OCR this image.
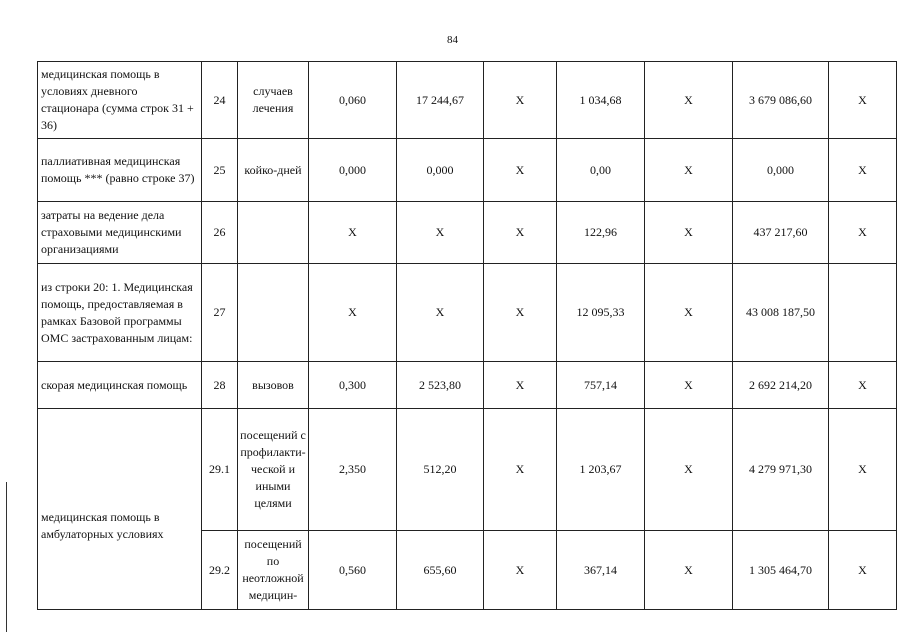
84
медицинская помощь в условиях дневного стационара (сумма строк 31 + 36)	24	случаев лечения	0,060	17 244,67	X	1 034,68	X	3 679 086,60	X
паллиативная медицинская помощь *** (равно строке 37)	25	койко-дней	0,000	0,000	X	0,00	X	0,000	X
затраты на ведение дела страховыми медицинскими организациями	26		X	X	X	122,96	X	437 217,60	X
из строки 20: 1. Медицинская помощь, предоставляемая в рамках Базовой программы ОМС застрахованным лицам:	27		X	X	X	12 095,33	X	43 008 187,50	
скорая медицинская помощь	28	вызовов	0,300	2 523,80	X	757,14	X	2 692 214,20	X

медицинская помощь в амбулаторных условиях	29.1	посещений с профилакти-ческой и иными целями	2,350	512,20	X	1 203,67	X	4 279 971,30	X
	29.2	посещений по неотложной медицин-	0,560	655,60	X	367,14	X	1 305 464,70	X
